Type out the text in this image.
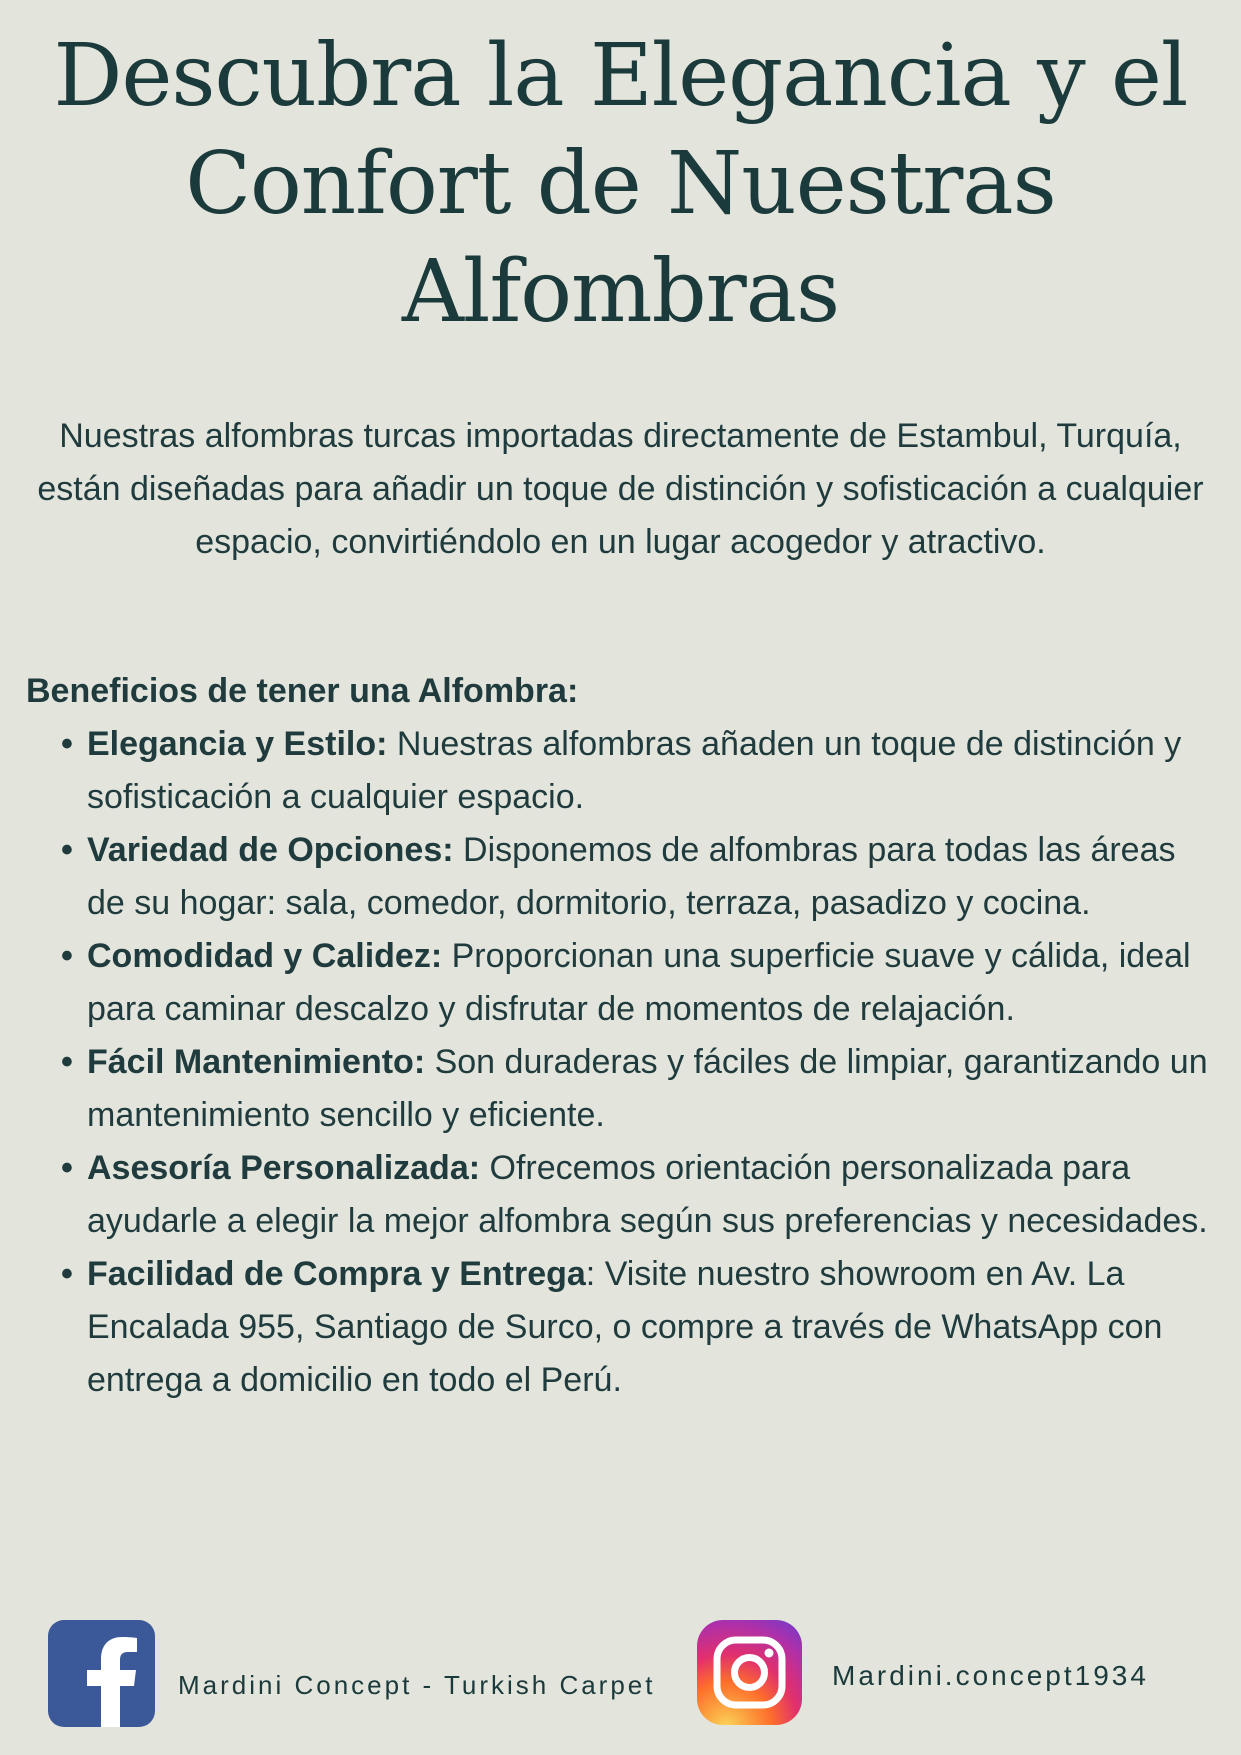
Descubra la Elegancia y el Confort de Nuestras Alfombras

Nuestras alfombras turcas importadas directamente de Estambul, Turquía, están diseñadas para añadir un toque de distinción y sofisticación a cualquier espacio, convirtiéndolo en un lugar acogedor y atractivo.

Beneficios de tener una Alfombra:

• Elegancia y Estilo: Nuestras alfombras añaden un toque de distinción y sofisticación a cualquier espacio.
• Variedad de Opciones: Disponemos de alfombras para todas las áreas de su hogar: sala, comedor, dormitorio, terraza, pasadizo y cocina.
• Comodidad y Calidez: Proporcionan una superficie suave y cálida, ideal para caminar descalzo y disfrutar de momentos de relajación.
• Fácil Mantenimiento: Son duraderas y fáciles de limpiar, garantizando un mantenimiento sencillo y eficiente.
• Asesoría Personalizada: Ofrecemos orientación personalizada para ayudarle a elegir la mejor alfombra según sus preferencias y necesidades.
• Facilidad de Compra y Entrega: Visite nuestro showroom en Av. La Encalada 955, Santiago de Surco, o compre a través de WhatsApp con entrega a domicilio en todo el Perú.
Mardini Concept - Turkish Carpet	Mardini.concept1934
